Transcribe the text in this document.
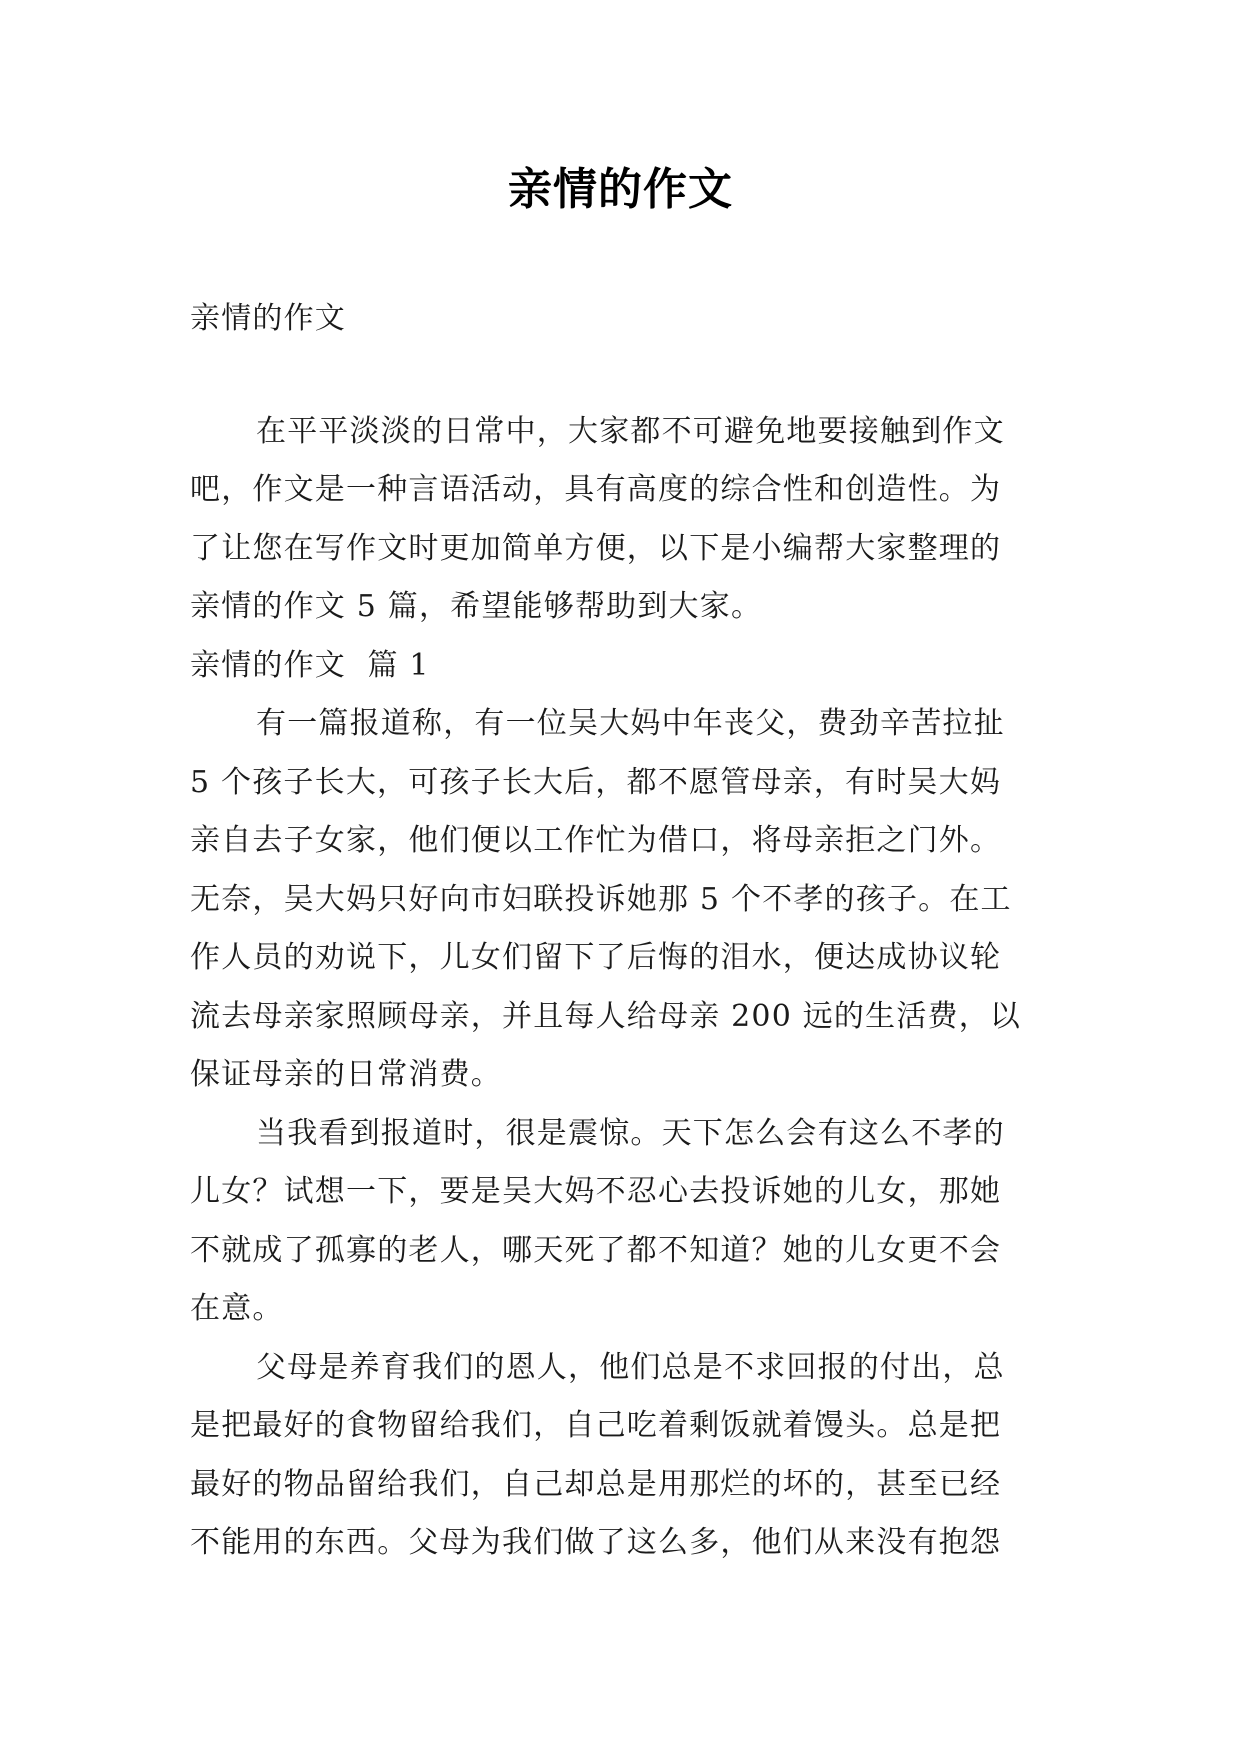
亲情的作文
亲情的作文
在平平淡淡的日常中，大家都不可避免地要接触到作文
吧，作文是一种言语活动，具有高度的综合性和创造性。为
了让您在写作文时更加简单方便，以下是小编帮大家整理的
亲情的作文 5 篇，希望能够帮助到大家。
亲情的作文  篇 1
有一篇报道称，有一位吴大妈中年丧父，费劲辛苦拉扯
5 个孩子长大，可孩子长大后，都不愿管母亲，有时吴大妈
亲自去子女家，他们便以工作忙为借口，将母亲拒之门外。
无奈，吴大妈只好向市妇联投诉她那 5 个不孝的孩子。在工
作人员的劝说下，儿女们留下了后悔的泪水，便达成协议轮
流去母亲家照顾母亲，并且每人给母亲 200 远的生活费，以
保证母亲的日常消费。
当我看到报道时，很是震惊。天下怎么会有这么不孝的
儿女？试想一下，要是吴大妈不忍心去投诉她的儿女，那她
不就成了孤寡的老人，哪天死了都不知道？她的儿女更不会
在意。
父母是养育我们的恩人，他们总是不求回报的付出，总
是把最好的食物留给我们，自己吃着剩饭就着馒头。总是把
最好的物品留给我们，自己却总是用那烂的坏的，甚至已经
不能用的东西。父母为我们做了这么多，他们从来没有抱怨
